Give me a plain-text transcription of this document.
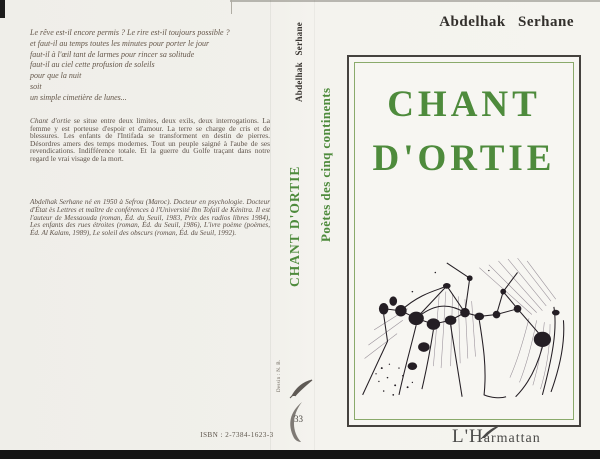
Le rêve est-il encore permis ? Le rire est-il toujours possible ?
et faut-il au temps toutes les minutes pour porter le jour
faut-il à l'œil tant de larmes pour rincer sa solitude
faut-il au ciel cette profusion de soleils
pour que la nuit
soit
un simple cimetière de lunes...
Chant d'ortie se situe entre deux limites, deux exils, deux interrogations. La femme y est porteuse d'espoir et d'amour. La terre se charge de cris et de blessures. Les enfants de l'Intifada se transforment en destin de pierres. Désordres amers des temps modernes. Tout un peuple saigné à l'aube de ses revendications. Indifférence totale. Et la guerre du Golfe traçant dans notre regard le vrai visage de la mort.
Abdelhak Serhane né en 1950 à Sefrou (Maroc). Docteur en psychologie. Docteur d'État ès Lettres et maître de conférences à l'Université Ibn Tofail de Kénitra. Il est l'auteur de Messaouda (roman, Éd. du Seuil, 1983, Prix des radios libres 1984), Les enfants des rues étroites (roman, Éd. du Seuil, 1986), L'ivre poème (poèmes, Éd. Al Kalam, 1989), Le soleil des obscurs (roman, Éd. du Seuil, 1992).
ISBN : 2-7384-1623-3
Abdelhak Serhane
CHANT D'ORTIE
Dessin : N. B.
33
Poètes des cinq continents
Abdelhak Serhane
CHANT
D'ORTIE
L'Harmattan
